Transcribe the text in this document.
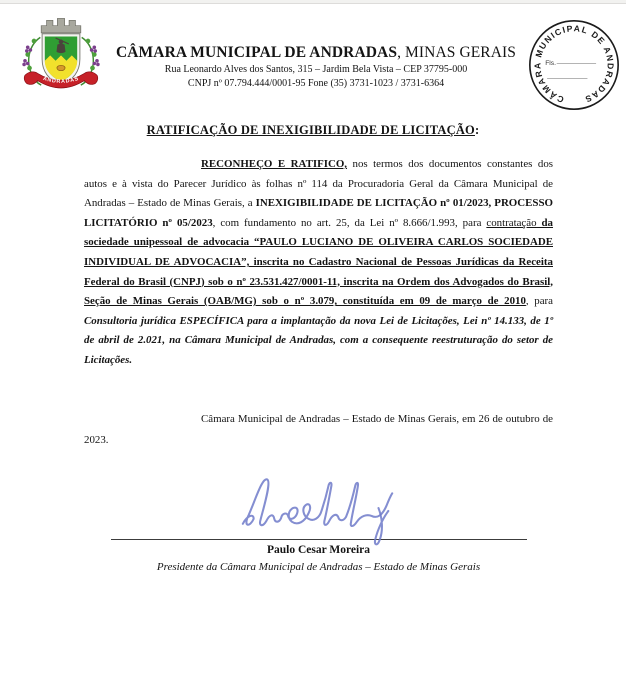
ANDRADAS
CÂMARA MUNICIPAL DE ANDRADAS, MINAS GERAIS
Rua Leonardo Alves dos Santos, 315 – Jardim Bela Vista – CEP 37795-000
CNPJ nº 07.794.444/0001-95 Fone (35) 3731-1023 / 3731-6364
CÂMARA MUNICIPAL DE ANDRADAS
Fls.
RATIFICAÇÃO DE INEXIGIBILIDADE DE LICITAÇÃO:

RECONHEÇO E RATIFICO, nos termos dos documentos constantes dos autos e à vista do Parecer Jurídico às folhas nº 114 da Procuradoria Geral da Câmara Municipal de Andradas – Estado de Minas Gerais, a INEXIGIBILIDADE DE LICITAÇÃO nº 01/2023, PROCESSO LICITATÓRIO nº 05/2023, com fundamento no art. 25, da Lei nº 8.666/1.993, para contratação da sociedade unipessoal de advocacia “PAULO LUCIANO DE OLIVEIRA CARLOS SOCIEDADE INDIVIDUAL DE ADVOCACIA”, inscrita no Cadastro Nacional de Pessoas Jurídicas da Receita Federal do Brasil (CNPJ) sob o nº 23.531.427/0001-11, inscrita na Ordem dos Advogados do Brasil, Seção de Minas Gerais (OAB/MG) sob o nº 3.079, constituída em 09 de março de 2010, para Consultoria jurídica ESPECÍFICA para a implantação da nova Lei de Licitações, Lei nº 14.133, de 1º de abril de 2.021, na Câmara Municipal de Andradas, com a consequente reestruturação do setor de Licitações.

Câmara Municipal de Andradas – Estado de Minas Gerais, em 26 de outubro de 2023.

Paulo Cesar Moreira
Presidente da Câmara Municipal de Andradas – Estado de Minas Gerais
